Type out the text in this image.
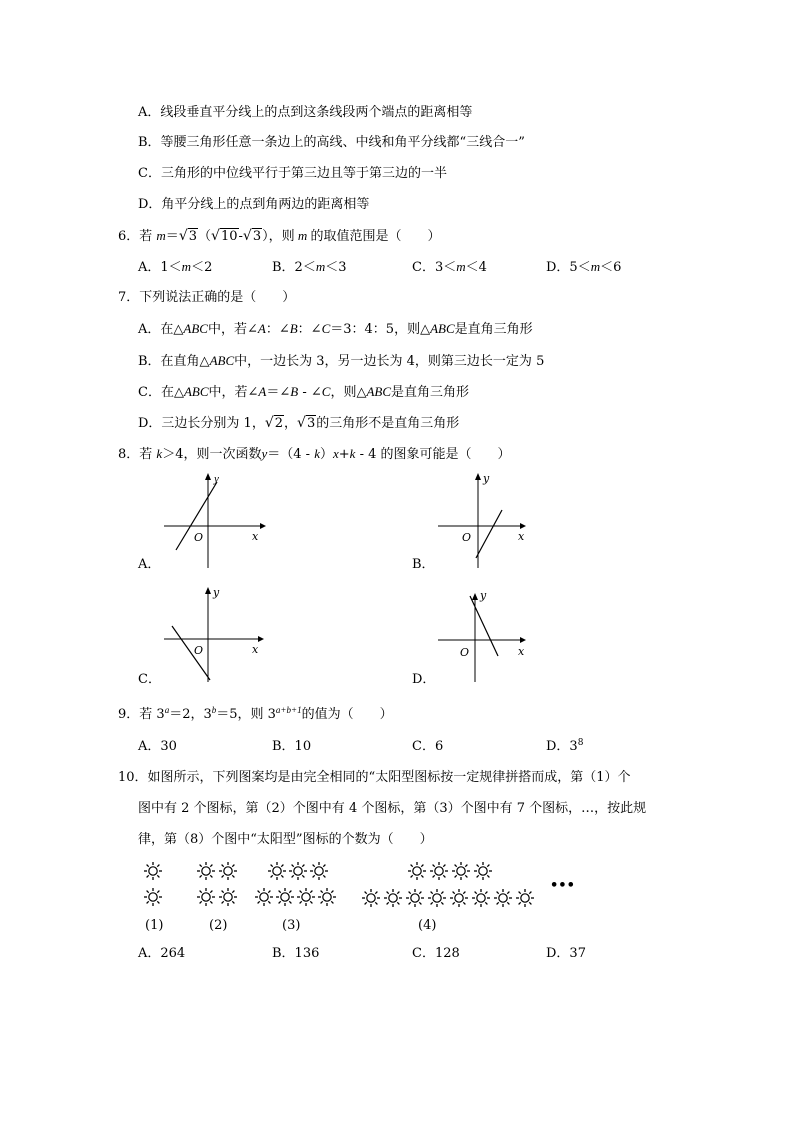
A．线段垂直平分线上的点到这条线段两个端点的距离相等
B．等腰三角形任意一条边上的高线、中线和角平分线都“三线合一”
C．三角形的中位线平行于第三边且等于第三边的一半
D．角平分线上的点到角两边的距离相等
6．若 m＝√3（√10-√3），则 m 的取值范围是（　　）
A．1＜m＜2	B．2＜m＜3	C．3＜m＜4	D．5＜m＜6
7．下列说法正确的是（　　）
A．在△ABC中，若∠A：∠B：∠C＝3：4：5，则△ABC是直角三角形
B．在直角△ABC中，一边长为 3，另一边长为 4，则第三边长一定为 5
C．在△ABC中，若∠A＝∠B - ∠C，则△ABC是直角三角形
D．三边长分别为 1，√2，√3的三角形不是直角三角形
8．若 k＞4，则一次函数y＝（4 - k）x+k - 4 的图象可能是（　　）
y
x
O
A．
y
x
O
B．
y
x
O
C．
y
x
O
D．
9．若 $3^a=2$，$3^b=5$，则 $3^{a+b+1}$的值为（　　）
A．30	B．10	C．6	D．$3^8$
10．如图所示，下列图案均是由完全相同的“太阳型图标按一定规律拼搭而成，第（1）个
图中有 2 个图标，第（2）个图中有 4 个图标，第（3）个图中有 7 个图标，…，按此规
律，第（8）个图中“太阳型”图标的个数为（　　）
•••
(1)	(2)	(3)	(4)
A．264	B．136	C．128	D．37
